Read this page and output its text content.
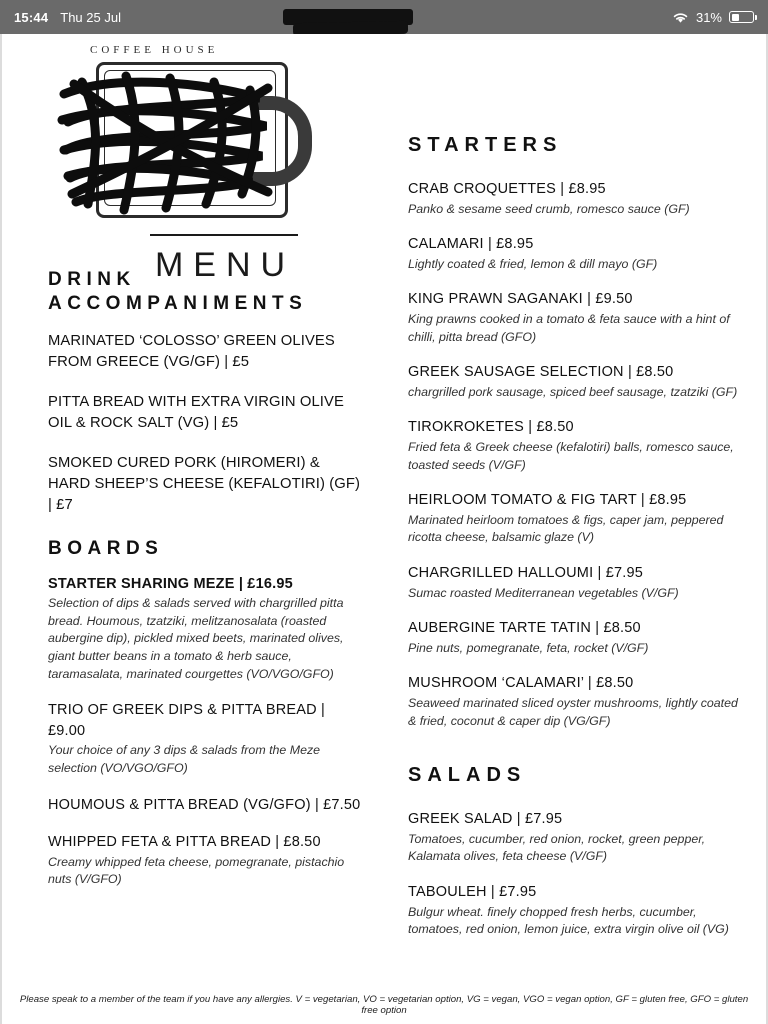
15:44 Thu 25 Jul	31%
COFFEE HOUSE
MENU
DRINK ACCOMPANIMENTS
MARINATED ‘COLOSSO’ GREEN OLIVES FROM GREECE (VG/GF) | £5
PITTA BREAD WITH EXTRA VIRGIN OLIVE OIL & ROCK SALT (VG) | £5
SMOKED CURED PORK (HIROMERI) & HARD SHEEP’S CHEESE (KEFALOTIRI) (GF) | £7
BOARDS
STARTER SHARING MEZE | £16.95
Selection of dips & salads served with chargrilled pitta bread. Houmous, tzatziki, melitzanosalata (roasted aubergine dip), pickled mixed beets, marinated olives, giant butter beans in a tomato & herb sauce, taramasalata, marinated courgettes (VO/VGO/GFO)
TRIO OF GREEK DIPS & PITTA BREAD | £9.00
Your choice of any 3 dips & salads from the Meze selection (VO/VGO/GFO)
HOUMOUS & PITTA BREAD (VG/GFO) | £7.50
WHIPPED FETA & PITTA BREAD | £8.50
Creamy whipped feta cheese, pomegranate, pistachio nuts (V/GFO)
STARTERS
CRAB CROQUETTES | £8.95
Panko & sesame seed crumb, romesco sauce (GF)
CALAMARI | £8.95
Lightly coated & fried, lemon & dill mayo (GF)
KING PRAWN SAGANAKI | £9.50
King prawns cooked in a tomato & feta sauce with a hint of chilli, pitta bread (GFO)
GREEK SAUSAGE SELECTION | £8.50
chargrilled pork sausage, spiced beef sausage, tzatziki (GF)
TIROKROKETES | £8.50
Fried feta & Greek cheese (kefalotiri) balls, romesco sauce, toasted seeds (V/GF)
HEIRLOOM TOMATO & FIG TART | £8.95
Marinated heirloom tomatoes & figs, caper jam, peppered ricotta cheese, balsamic glaze (V)
CHARGRILLED HALLOUMI | £7.95
Sumac roasted Mediterranean vegetables (V/GF)
AUBERGINE TARTE TATIN | £8.50
Pine nuts, pomegranate, feta, rocket (V/GF)
MUSHROOM ‘CALAMARI’ | £8.50
Seaweed marinated sliced oyster mushrooms, lightly coated & fried, coconut & caper dip (VG/GF)
SALADS
GREEK SALAD | £7.95
Tomatoes, cucumber, red onion, rocket, green pepper, Kalamata olives, feta cheese (V/GF)
TABOULEH | £7.95
Bulgur wheat. finely chopped fresh herbs, cucumber, tomatoes, red onion, lemon juice, extra virgin olive oil (VG)
Please speak to a member of the team if you have any allergies. V = vegetarian, VO = vegetarian option, VG = vegan, VGO = vegan option, GF = gluten free, GFO = gluten free option
